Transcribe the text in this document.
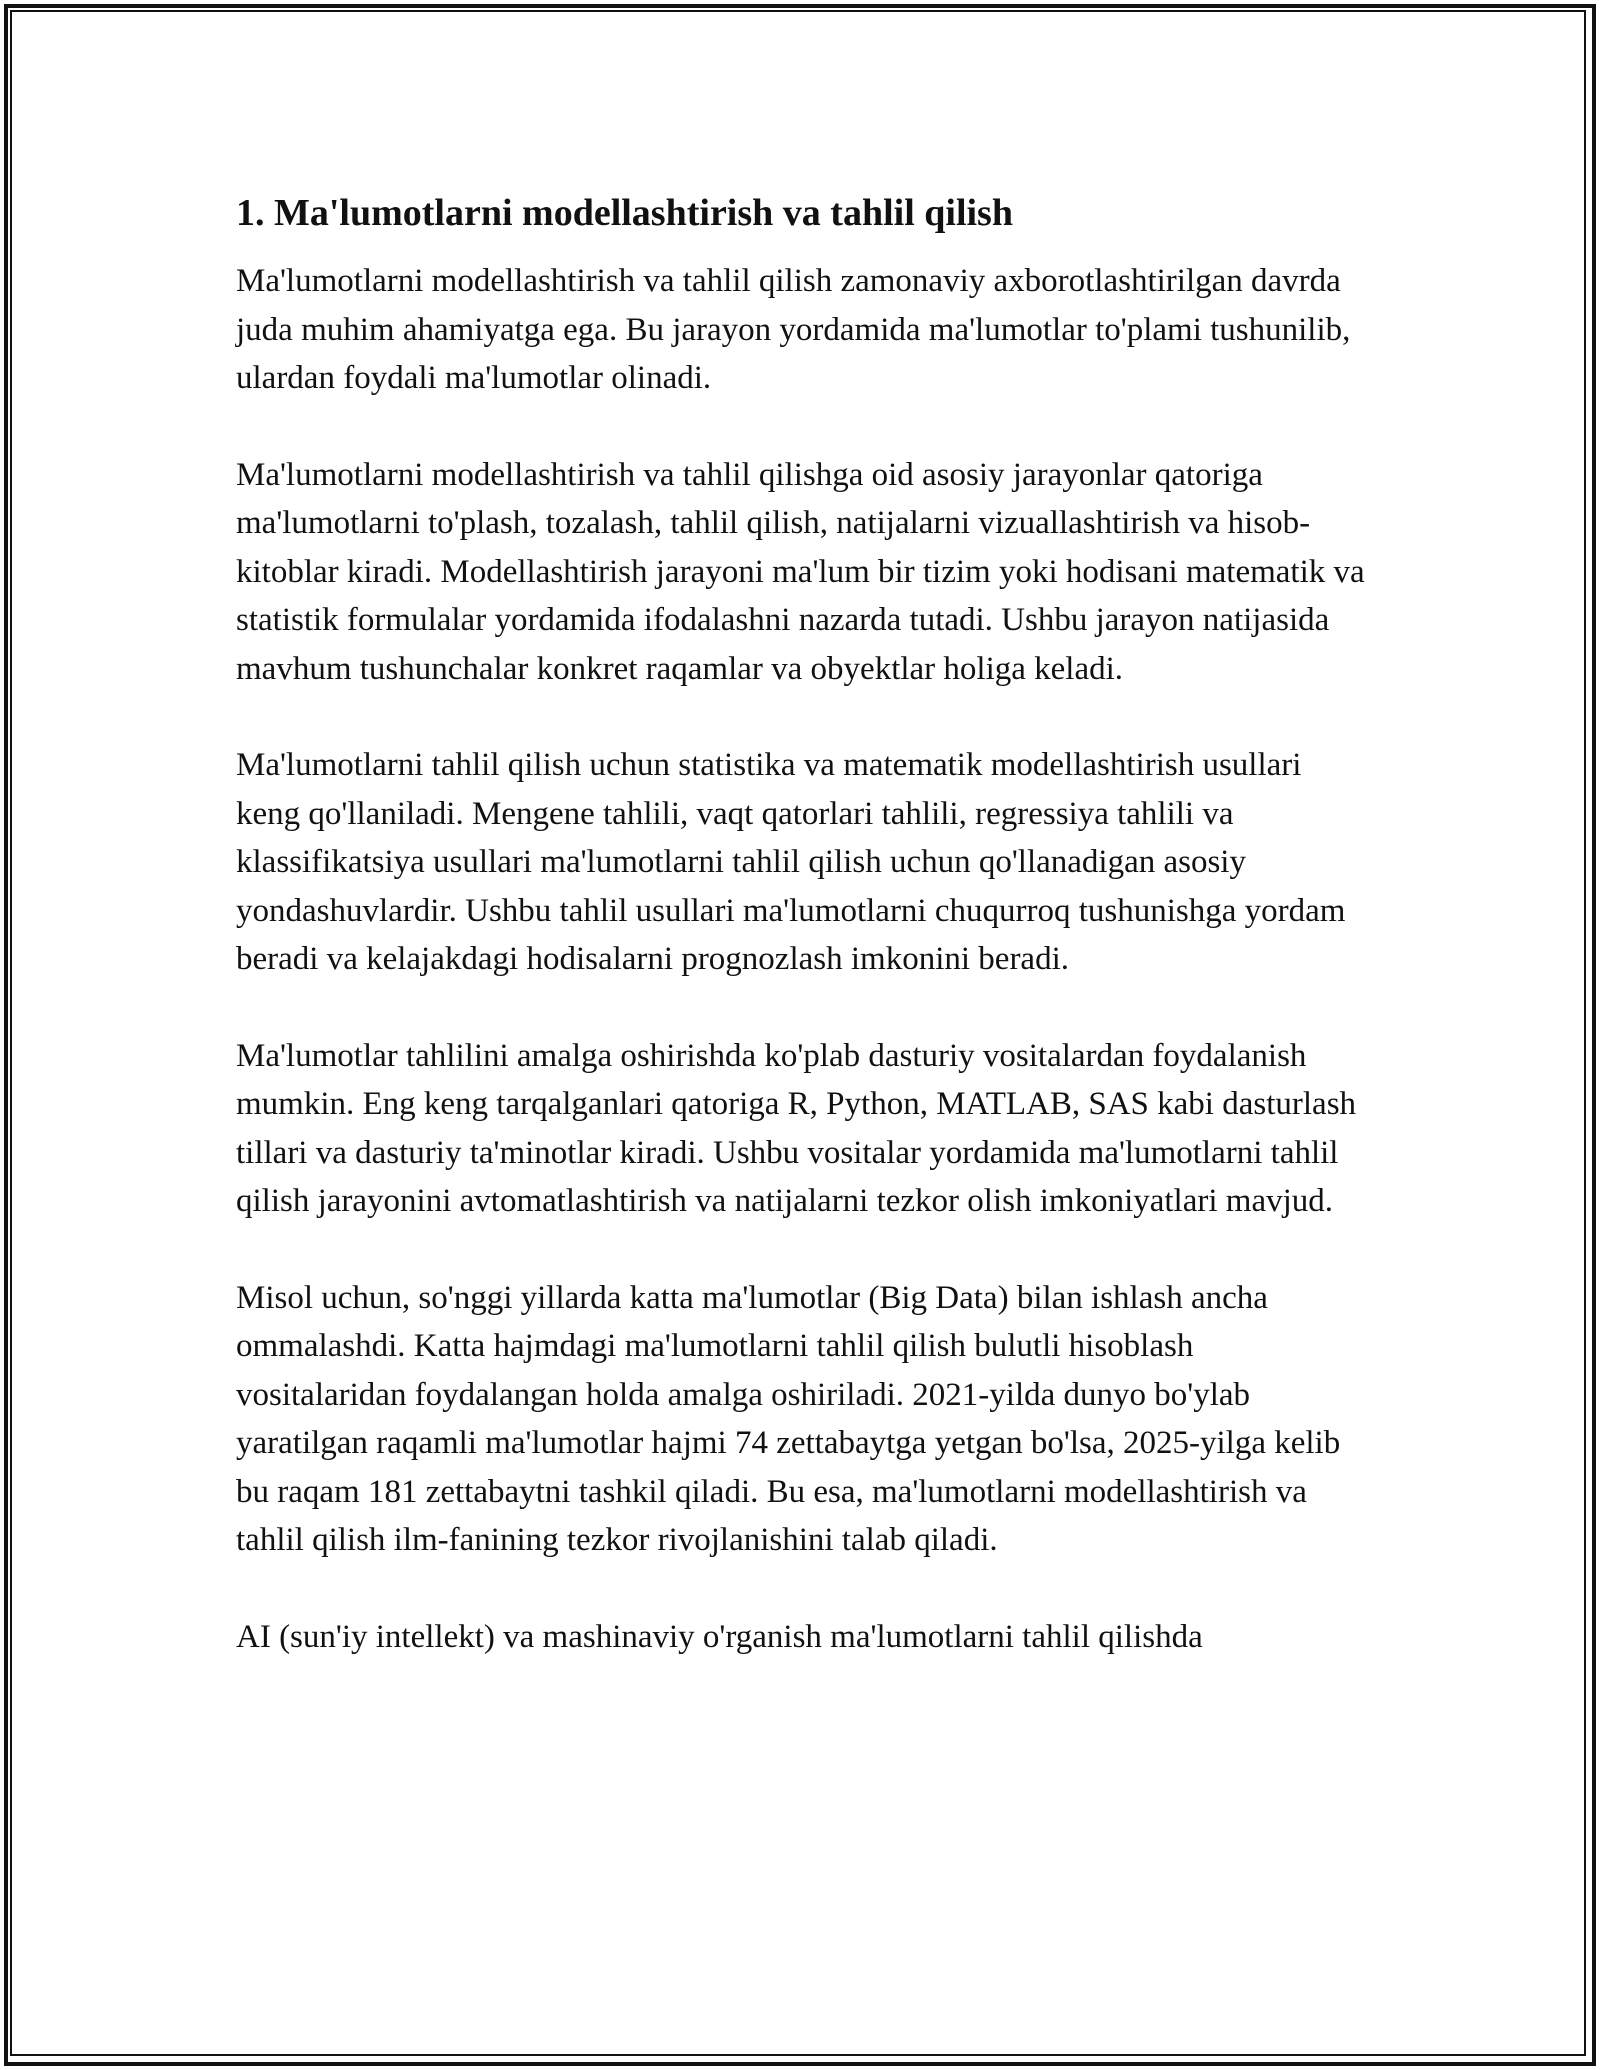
1. Ma'lumotlarni modellashtirish va tahlil qilish

Ma'lumotlarni modellashtirish va tahlil qilish zamonaviy axborotlashtirilgan davrda juda muhim ahamiyatga ega. Bu jarayon yordamida ma'lumotlar to'plami tushunilib, ulardan foydali ma'lumotlar olinadi.

Ma'lumotlarni modellashtirish va tahlil qilishga oid asosiy jarayonlar qatoriga ma'lumotlarni to'plash, tozalash, tahlil qilish, natijalarni vizuallashtirish va hisob-kitoblar kiradi. Modellashtirish jarayoni ma'lum bir tizim yoki hodisani matematik va statistik formulalar yordamida ifodalashni nazarda tutadi. Ushbu jarayon natijasida mavhum tushunchalar konkret raqamlar va obyektlar holiga keladi.

Ma'lumotlarni tahlil qilish uchun statistika va matematik modellashtirish usullari keng qo'llaniladi. Mengene tahlili, vaqt qatorlari tahlili, regressiya tahlili va klassifikatsiya usullari ma'lumotlarni tahlil qilish uchun qo'llanadigan asosiy yondashuvlardir. Ushbu tahlil usullari ma'lumotlarni chuqurroq tushunishga yordam beradi va kelajakdagi hodisalarni prognozlash imkonini beradi.

Ma'lumotlar tahlilini amalga oshirishda ko'plab dasturiy vositalardan foydalanish mumkin. Eng keng tarqalganlari qatoriga R, Python, MATLAB, SAS kabi dasturlash tillari va dasturiy ta'minotlar kiradi. Ushbu vositalar yordamida ma'lumotlarni tahlil qilish jarayonini avtomatlashtirish va natijalarni tezkor olish imkoniyatlari mavjud.

Misol uchun, so'nggi yillarda katta ma'lumotlar (Big Data) bilan ishlash ancha ommalashdi. Katta hajmdagi ma'lumotlarni tahlil qilish bulutli hisoblash vositalaridan foydalangan holda amalga oshiriladi. 2021-yilda dunyo bo'ylab yaratilgan raqamli ma'lumotlar hajmi 74 zettabaytga yetgan bo'lsa, 2025-yilga kelib bu raqam 181 zettabaytni tashkil qiladi. Bu esa, ma'lumotlarni modellashtirish va tahlil qilish ilm-fanining tezkor rivojlanishini talab qiladi.

AI (sun'iy intellekt) va mashinaviy o'rganish ma'lumotlarni tahlil qilishda
